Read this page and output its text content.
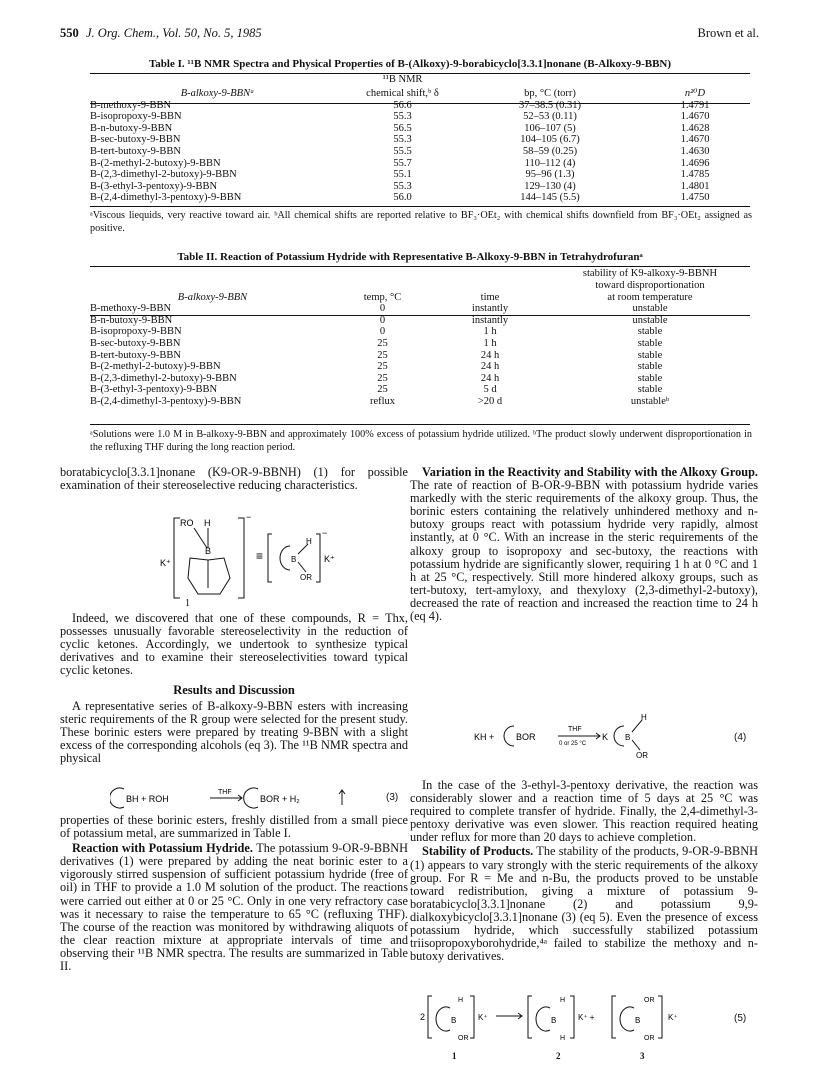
550 J. Org. Chem., Vol. 50, No. 5, 1985	Brown et al.
Table I. ¹¹B NMR Spectra and Physical Properties of B-(Alkoxy)-9-borabicyclo[3.3.1]nonane (B-Alkoxy-9-BBN)
	¹¹B NMR		
B-alkoxy-9-BBNᵃ	chemical shift,ᵇ δ	bp, °C (torr)	n²⁰D
B-methoxy-9-BBN	56.6	37–38.5 (0.31)	1.4791
B-isopropoxy-9-BBN	55.3	52–53 (0.11)	1.4670
B-n-butoxy-9-BBN	56.5	106–107 (5)	1.4628
B-sec-butoxy-9-BBN	55.3	104–105 (6.7)	1.4670
B-tert-butoxy-9-BBN	55.5	58–59 (0.25)	1.4630
B-(2-methyl-2-butoxy)-9-BBN	55.7	110–112 (4)	1.4696
B-(2,3-dimethyl-2-butoxy)-9-BBN	55.1	95–96 (1.3)	1.4785
B-(3-ethyl-3-pentoxy)-9-BBN	55.3	129–130 (4)	1.4801
B-(2,4-dimethyl-3-pentoxy)-9-BBN	56.0	144–145 (5.5)	1.4750
ᵃViscous liequids, very reactive toward air. ᵇAll chemical shifts are reported relative to BF₃·OEt₂ with chemical shifts downfield from BF₃·OEt₂ assigned as positive.
Table II. Reaction of Potassium Hydride with Representative B-Alkoxy-9-BBN in Tetrahydrofuranᵃ
			stability of K9-alkoxy-9-BBNH
			toward disproportionation
B-alkoxy-9-BBN	temp, °C	time	at room temperature
B-methoxy-9-BBN	0	instantly	unstable
B-n-butoxy-9-BBN	0	instantly	unstable
B-isopropoxy-9-BBN	0	1 h	stable
B-sec-butoxy-9-BBN	25	1 h	stable
B-tert-butoxy-9-BBN	25	24 h	stable
B-(2-methyl-2-butoxy)-9-BBN	25	24 h	stable
B-(2,3-dimethyl-2-butoxy)-9-BBN	25	24 h	stable
B-(3-ethyl-3-pentoxy)-9-BBN	25	5 d	stable
B-(2,4-dimethyl-3-pentoxy)-9-BBN	reflux	>20 d	unstableᵇ
ᵃSolutions were 1.0 M in B-alkoxy-9-BBN and approximately 100% excess of potassium hydride utilized. ᵇThe product slowly underwent disproportionation in the refluxing THF during the long reaction period.

boratabicyclo[3.3.1]nonane (K9-OR-9-BBNH) (1) for possible examination of their stereoselective reducing characteristics.

RO H
B
K⁺
−
≡	B
H
OR
−
K⁺
1

Indeed, we discovered that one of these compounds, R = Thx, possesses unusually favorable stereoselectivity in the reduction of cyclic ketones. Accordingly, we undertook to synthesize typical derivatives and to examine their stereoselectivities toward typical cyclic ketones.

Results and Discussion

A representative series of B-alkoxy-9-BBN esters with increasing steric requirements of the R group were selected for the present study. These borinic esters were prepared by treating 9-BBN with a slight excess of the corresponding alcohols (eq 3). The ¹¹B NMR spectra and physical

BH + ROH
THF
BOR + H₂	(3)

properties of these borinic esters, freshly distilled from a small piece of potassium metal, are summarized in Table I.

Reaction with Potassium Hydride. The potassium 9-OR-9-BBNH derivatives (1) were prepared by adding the neat borinic ester to a vigorously stirred suspension of sufficient potassium hydride (free of oil) in THF to provide a 1.0 M solution of the product. The reactions were carried out either at 0 or 25 °C. Only in one very refractory case was it necessary to raise the temperature to 65 °C (refluxing THF). The course of the reaction was monitored by withdrawing aliquots of the clear reaction mixture at appropriate intervals of time and observing their ¹¹B NMR spectra. The results are summarized in Table II.

Variation in the Reactivity and Stability with the Alkoxy Group. The rate of reaction of B-OR-9-BBN with potassium hydride varies markedly with the steric requirements of the alkoxy group. Thus, the borinic esters containing the relatively unhindered methoxy and n-butoxy groups react with potassium hydride very rapidly, almost instantly, at 0 °C. With an increase in the steric requirements of the alkoxy group to isopropoxy and sec-butoxy, the reactions with potassium hydride are significantly slower, requiring 1 h at 0 °C and 1 h at 25 °C, respectively. Still more hindered alkoxy groups, such as tert-butoxy, tert-amyloxy, and thexyloxy (2,3-dimethyl-2-butoxy), decreased the rate of reaction and increased the reaction time to 24 h (eq 4).

KH + BOR
THF
0 or 25 °C
K B
H
OR
(4)

In the case of the 3-ethyl-3-pentoxy derivative, the reaction was considerably slower and a reaction time of 5 days at 25 °C was required to complete transfer of hydride. Finally, the 2,4-dimethyl-3-pentoxy derivative was even slower. This reaction required heating under reflux for more than 20 days to achieve completion.

Stability of Products. The stability of the products, 9-OR-9-BBNH (1) appears to vary strongly with the steric requirements of the alkoxy group. For R = Me and n-Bu, the products proved to be unstable toward redistribution, giving a mixture of potassium 9-boratabicyclo[3.3.1]nonane (2) and potassium 9,9-dialkoxybicyclo[3.3.1]nonane (3) (eq 5). Even the presence of excess potassium hydride, which successfully stabilized potassium triisopropoxyborohydride,⁴ᵃ failed to stabilize the methoxy and n-butoxy derivatives.

2	B
H
OR
K⁺	B
H
H
K⁺ +	B
OR
OR
K⁺	(5)
1	2	3
